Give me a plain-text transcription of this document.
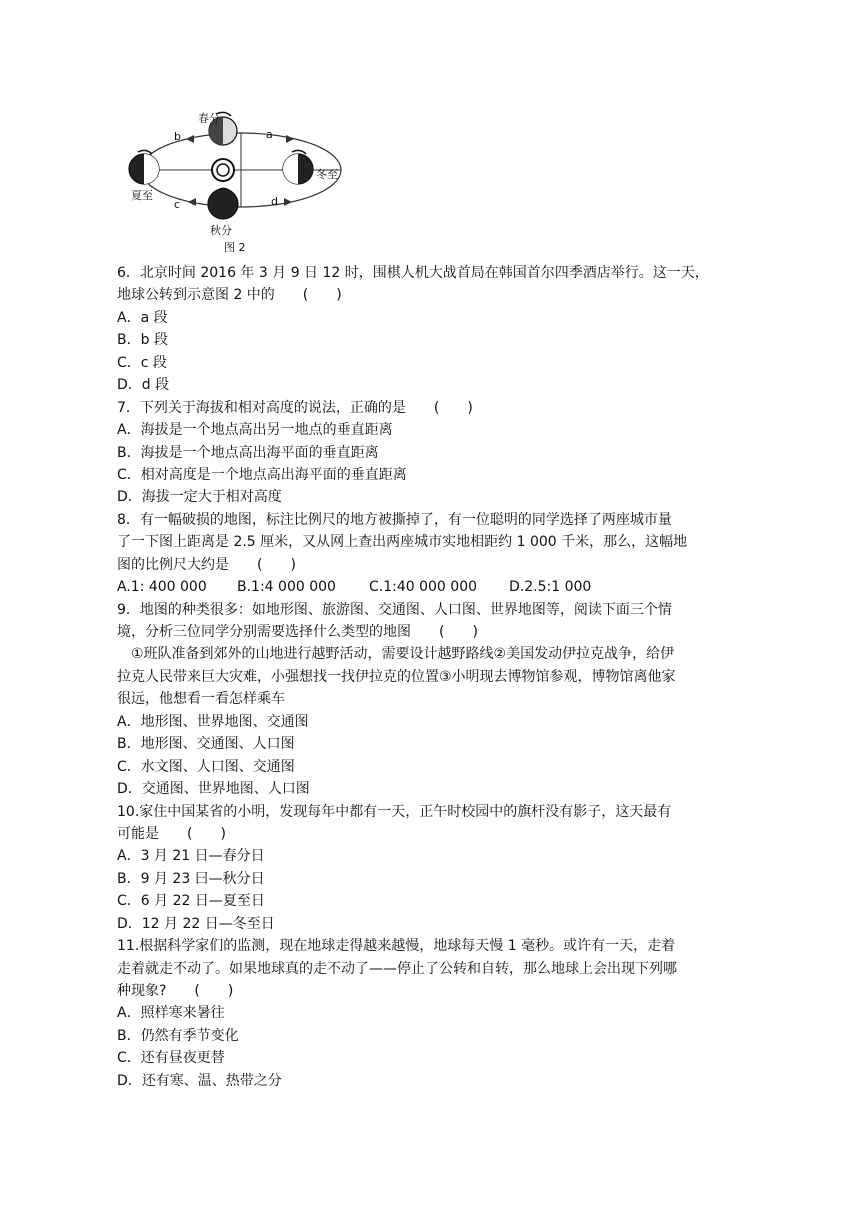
春分
夏至
冬至
秋分
a
b
c	d
图 2
6．北京时间 2016 年 3 月 9 日 12 时，围棋人机大战首局在韩国首尔四季酒店举行。这一天，
地球公转到示意图 2 中的　　(　　)
A．a 段
B．b 段
C．c 段
D．d 段
7．下列关于海拔和相对高度的说法，正确的是　　(　　)
A．海拔是一个地点高出另一地点的垂直距离
B．海拔是一个地点高出海平面的垂直距离
C．相对高度是一个地点高出海平面的垂直距离
D．海拔一定大于相对高度
8．有一幅破损的地图，标注比例尺的地方被撕掉了，有一位聪明的同学选择了两座城市量
了一下图上距离是 2.5 厘米，又从网上查出两座城市实地相距约 1 000 千米，那么，这幅地
图的比例尺大约是　　(　　)
A.1: 400 000 B.1:4 000 000 C.1:40 000 000 D.2.5:1 000
9．地图的种类很多：如地形图、旅游图、交通图、人口图、世界地图等，阅读下面三个情
境，分析三位同学分别需要选择什么类型的地图　　(　　)
　①班队准备到郊外的山地进行越野活动，需要设计越野路线②美国发动伊拉克战争，给伊
拉克人民带来巨大灾难，小强想找一找伊拉克的位置③小明现去博物馆参观，博物馆离他家
很远，他想看一看怎样乘车
A．地形图、世界地图、交通图
B．地形图、交通图、人口图
C．水文图、人口图、交通图
D．交通图、世界地图、人口图
10.家住中国某省的小明，发现每年中都有一天，正午时校园中的旗杆没有影子，这天最有
可能是　　(　　)
A．3 月 21 日—春分日
B．9 月 23 曰—秋分日
C．6 月 22 日—夏至日
D．12 月 22 日—冬至日
11.根据科学家们的监测，现在地球走得越来越慢，地球每天慢 1 毫秒。或许有一天，走着
走着就走不动了。如果地球真的走不动了——停止了公转和自转，那么地球上会出现下列哪
种现象?　　(　　)
A．照样寒来暑往
B．仍然有季节变化
C．还有昼夜更替
D．还有寒、温、热带之分
